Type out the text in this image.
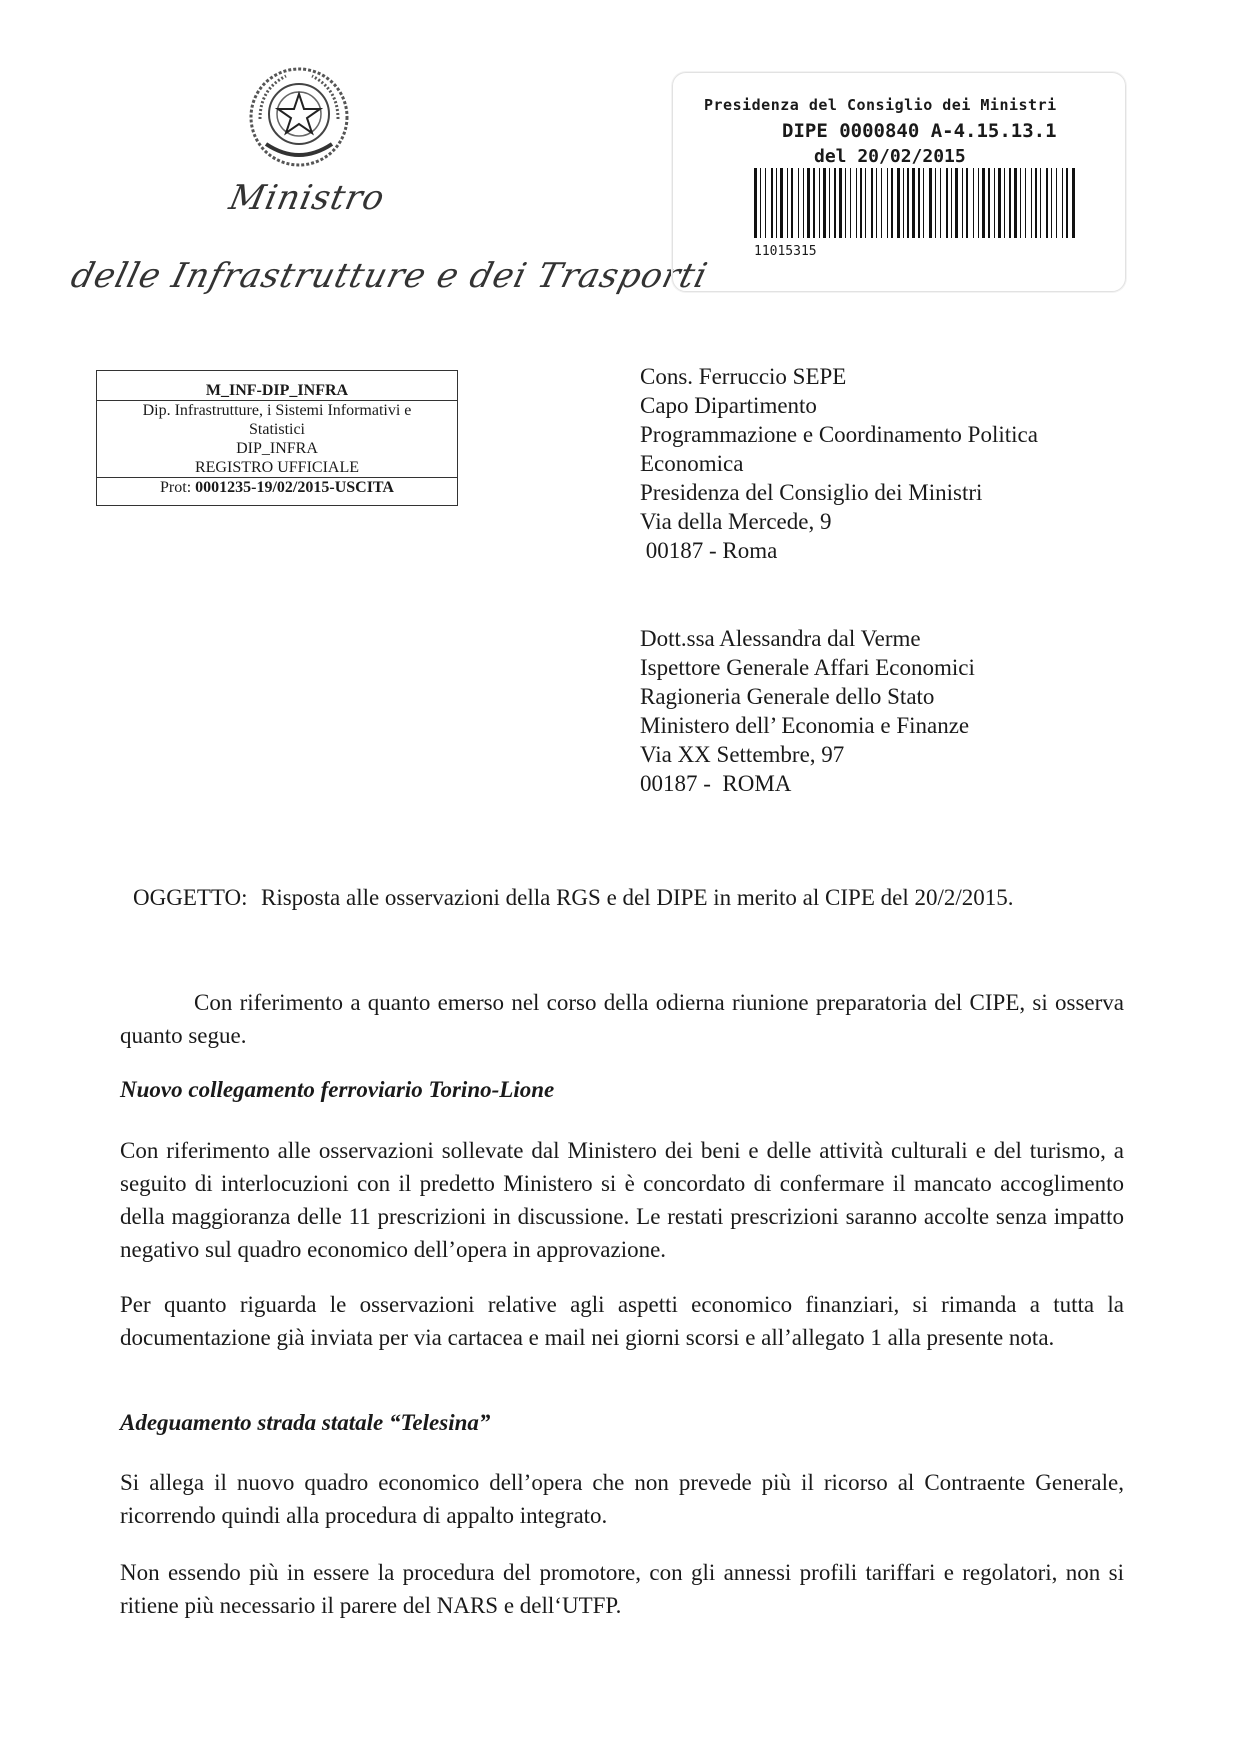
Ministro
delle Infrastrutture e dei Trasporti
Presidenza del Consiglio dei Ministri
DIPE 0000840 A-4.15.13.1
del 20/02/2015
11015315
M_INF-DIP_INFRA
Dip. Infrastrutture, i Sistemi Informativi e
Statistici
DIP_INFRA
REGISTRO UFFICIALE
Prot: 0001235-19/02/2015-USCITA
Cons. Ferruccio SEPE
Capo Dipartimento
Programmazione e Coordinamento Politica
Economica
Presidenza del Consiglio dei Ministri
Via della Mercede, 9
00187 - Roma
Dott.ssa Alessandra dal Verme
Ispettore Generale Affari Economici
Ragioneria Generale dello Stato
Ministero dell’ Economia e Finanze
Via XX Settembre, 97
00187 -  ROMA
OGGETTO: Risposta alle osservazioni della RGS e del DIPE in merito al CIPE del 20/2/2015.
Con riferimento a quanto emerso nel corso della odierna riunione preparatoria del CIPE, si osserva quanto segue.
Nuovo collegamento ferroviario Torino-Lione
Con riferimento alle osservazioni sollevate dal Ministero dei beni e delle attività culturali e del turismo, a seguito di interlocuzioni con il predetto Ministero si è concordato di confermare il mancato accoglimento della maggioranza delle 11 prescrizioni in discussione. Le restati prescrizioni saranno accolte senza impatto negativo sul quadro economico dell’opera in approvazione.
Per quanto riguarda le osservazioni relative agli aspetti economico finanziari, si rimanda a tutta la documentazione già inviata per via cartacea e mail nei giorni scorsi e all’allegato 1 alla presente nota.
Adeguamento strada statale “Telesina”
Si allega il nuovo quadro economico dell’opera che non prevede più il ricorso al Contraente Generale, ricorrendo quindi alla procedura di appalto integrato.
Non essendo più in essere la procedura del promotore, con gli annessi profili tariffari e regolatori, non si ritiene più necessario il parere del NARS e dell‘UTFP.
